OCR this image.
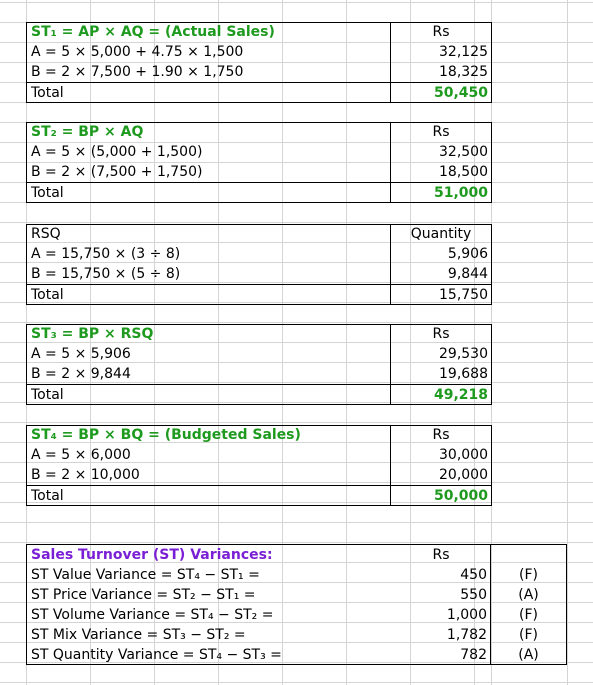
ST₁ = AP × AQ = (Actual Sales)	Rs
A = 5 × 5,000 + 4.75 × 1,500	32,125
B = 2 × 7,500 + 1.90 × 1,750	18,325
Total	50,450
ST₂ = BP × AQ	Rs
A = 5 × (5,000 + 1,500)	32,500
B = 2 × (7,500 + 1,750)	18,500
Total	51,000
RSQ	Quantity
A = 15,750 × (3 ÷ 8)	5,906
B = 15,750 × (5 ÷ 8)	9,844
Total	15,750
ST₃ = BP × RSQ	Rs
A = 5 × 5,906	29,530
B = 2 × 9,844	19,688
Total	49,218
ST₄ = BP × BQ = (Budgeted Sales)	Rs
A = 5 × 6,000	30,000
B = 2 × 10,000	20,000
Total	50,000
Sales Turnover (ST) Variances:	Rs
ST Value Variance = ST₄ − ST₁ =	450	(F)
ST Price Variance = ST₂ − ST₁ =	550	(A)
ST Volume Variance = ST₄ − ST₂ =	1,000	(F)
ST Mix Variance = ST₃ − ST₂ =	1,782	(F)
ST Quantity Variance = ST₄ − ST₃ =	782	(A)
